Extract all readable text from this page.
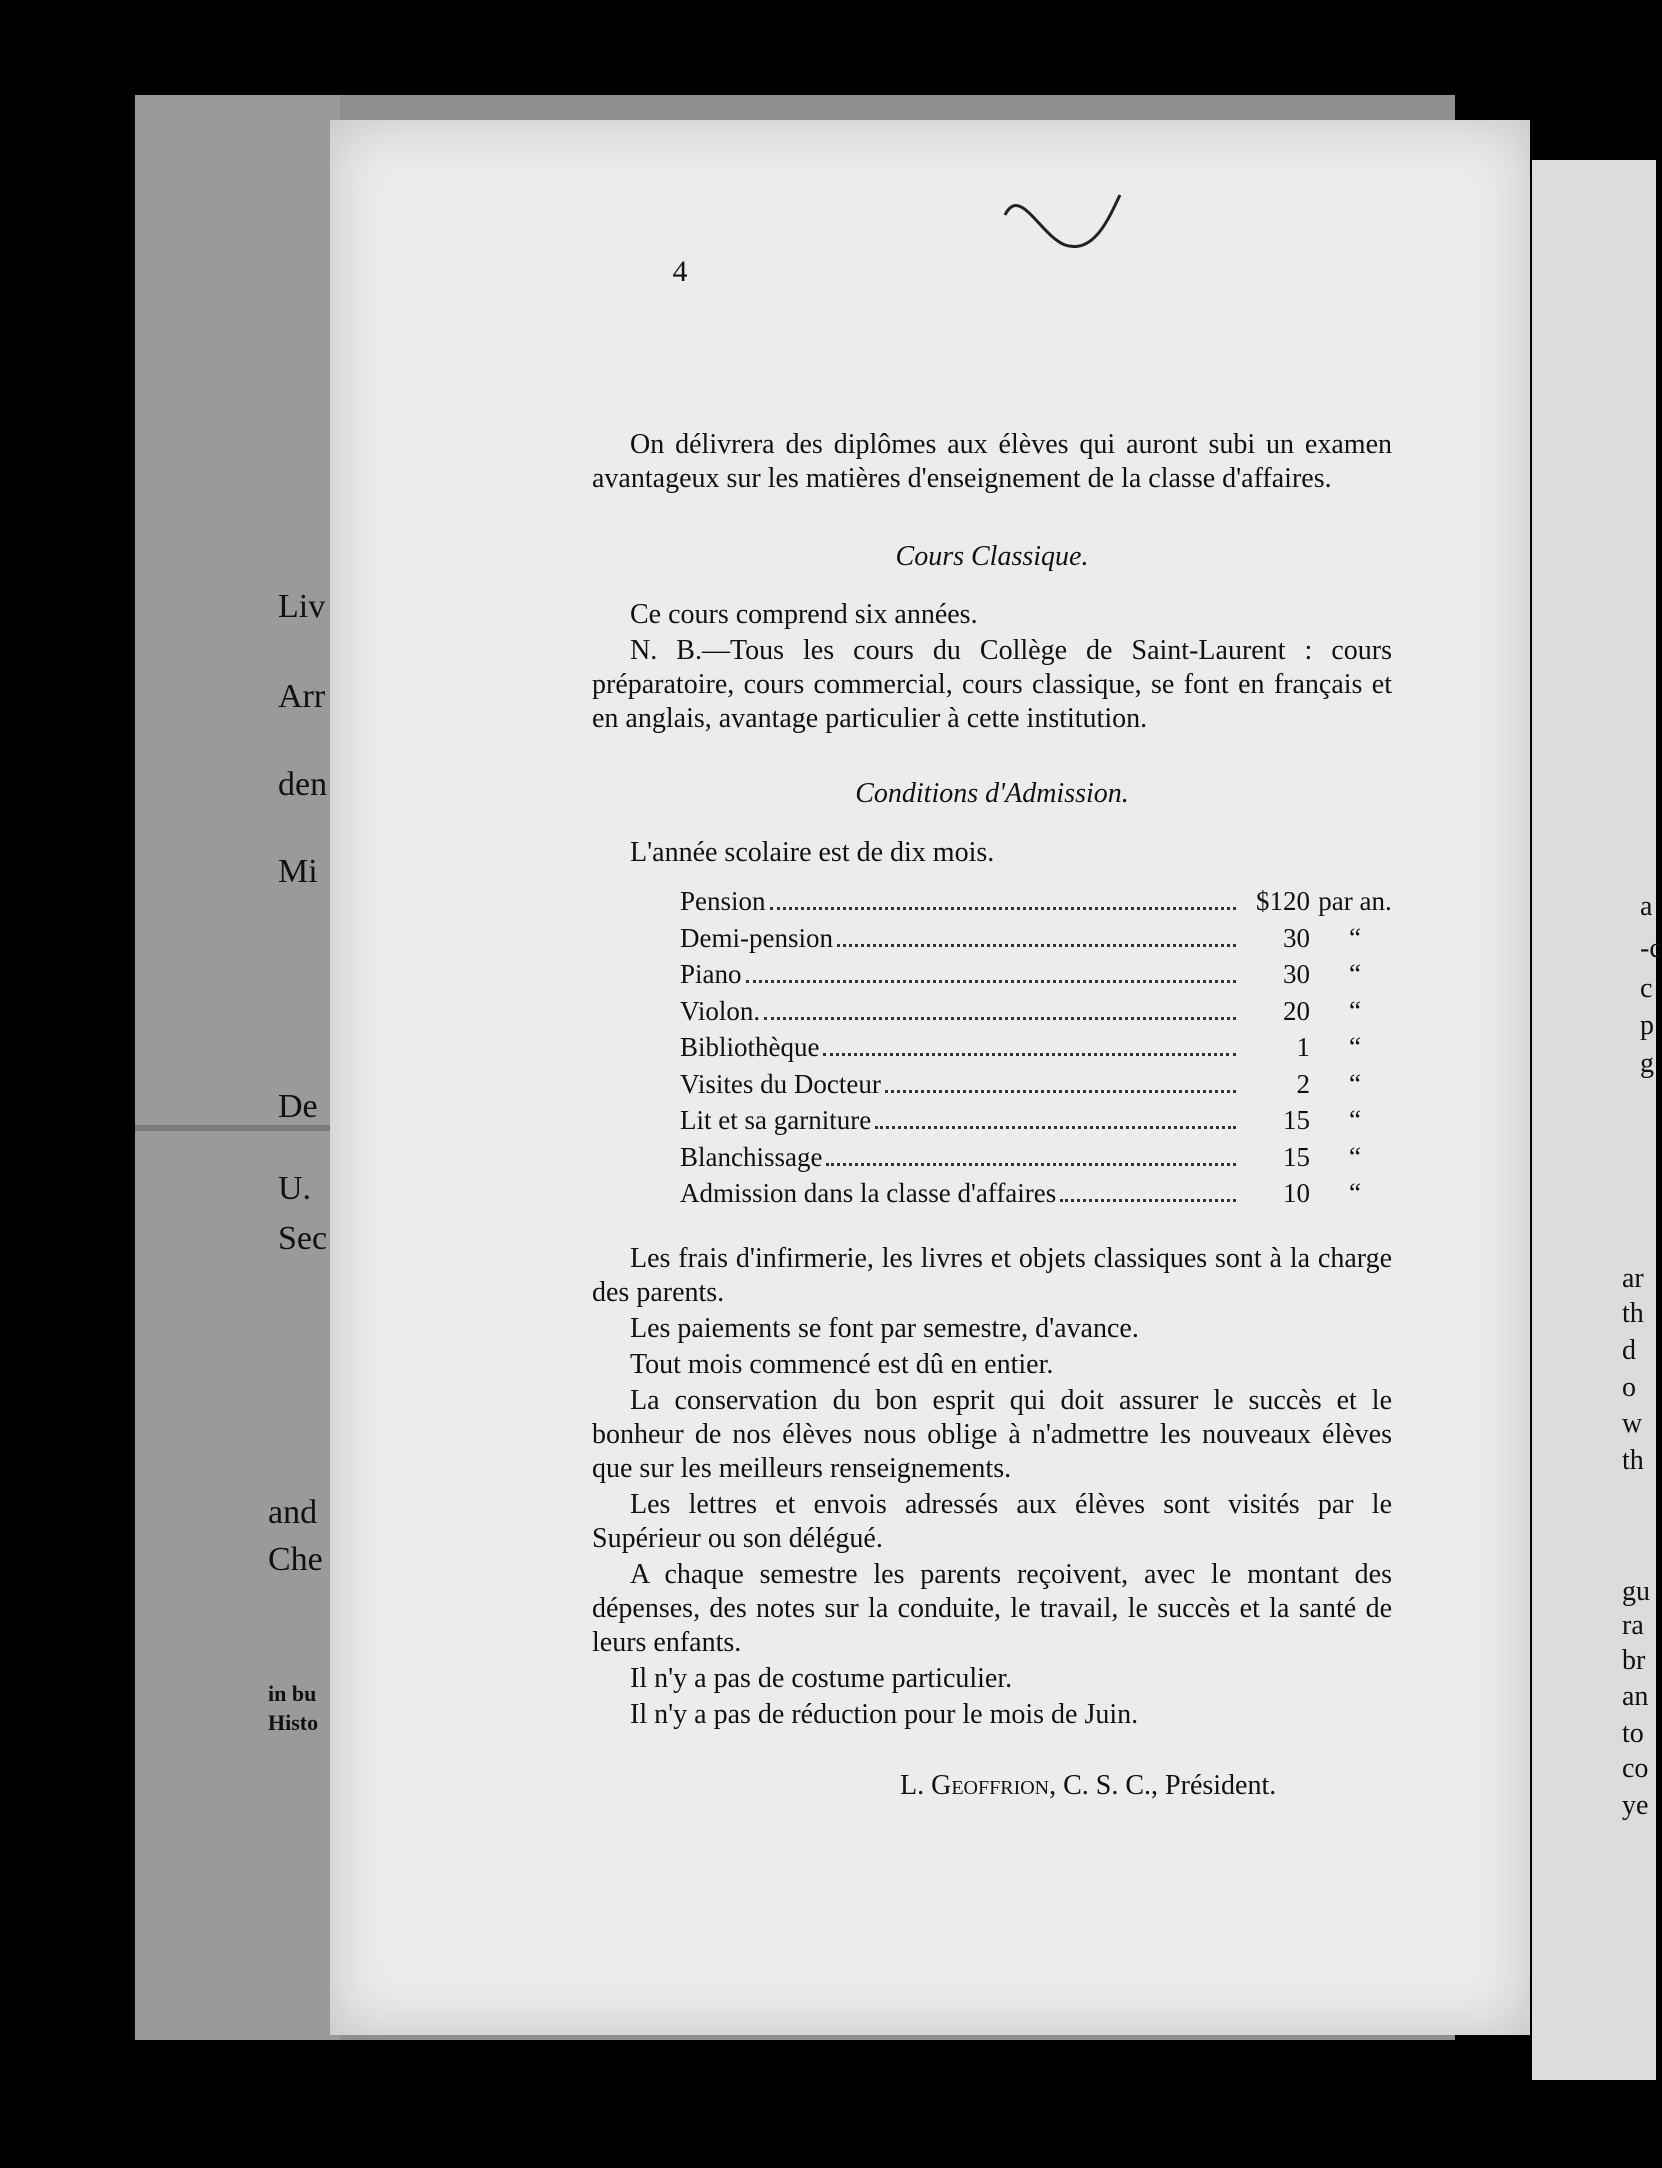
Liv
Arr
den
Mi
De
U.
Sec
and
Che
in bu
Histo
a
-c
c
p
g
ar
th
d
o
w
th
gu
ra
br
an
to
co
ye
4

On délivrera des diplômes aux élèves qui auront subi un examen avantageux sur les matières d'enseignement de la classe d'affaires.

Cours Classique.

Ce cours comprend six années.

N. B.—Tous les cours du Collège de Saint-Laurent : cours préparatoire, cours commercial, cours classique, se font en français et en anglais, avantage particulier à cette institution.

Conditions d'Admission.

L'année scolaire est de dix mois.

Pension	$120 par an.
Demi-pension	30	“
Piano	30	“
Violon.	20	“
Bibliothèque	1	“
Visites du Docteur	2	“
Lit et sa garniture	15	“
Blanchissage	15	“
Admission dans la classe d'affaires	10	“

Les frais d'infirmerie, les livres et objets classiques sont à la charge des parents.

Les paiements se font par semestre, d'avance.

Tout mois commencé est dû en entier.

La conservation du bon esprit qui doit assurer le succès et le bonheur de nos élèves nous oblige à n'admettre les nouveaux élèves que sur les meilleurs renseignements.

Les lettres et envois adressés aux élèves sont visités par le Supérieur ou son délégué.

A chaque semestre les parents reçoivent, avec le montant des dépenses, des notes sur la conduite, le travail, le succès et la santé de leurs enfants.

Il n'y a pas de costume particulier.

Il n'y a pas de réduction pour le mois de Juin.

L. Geoffrion, C. S. C., Président.
